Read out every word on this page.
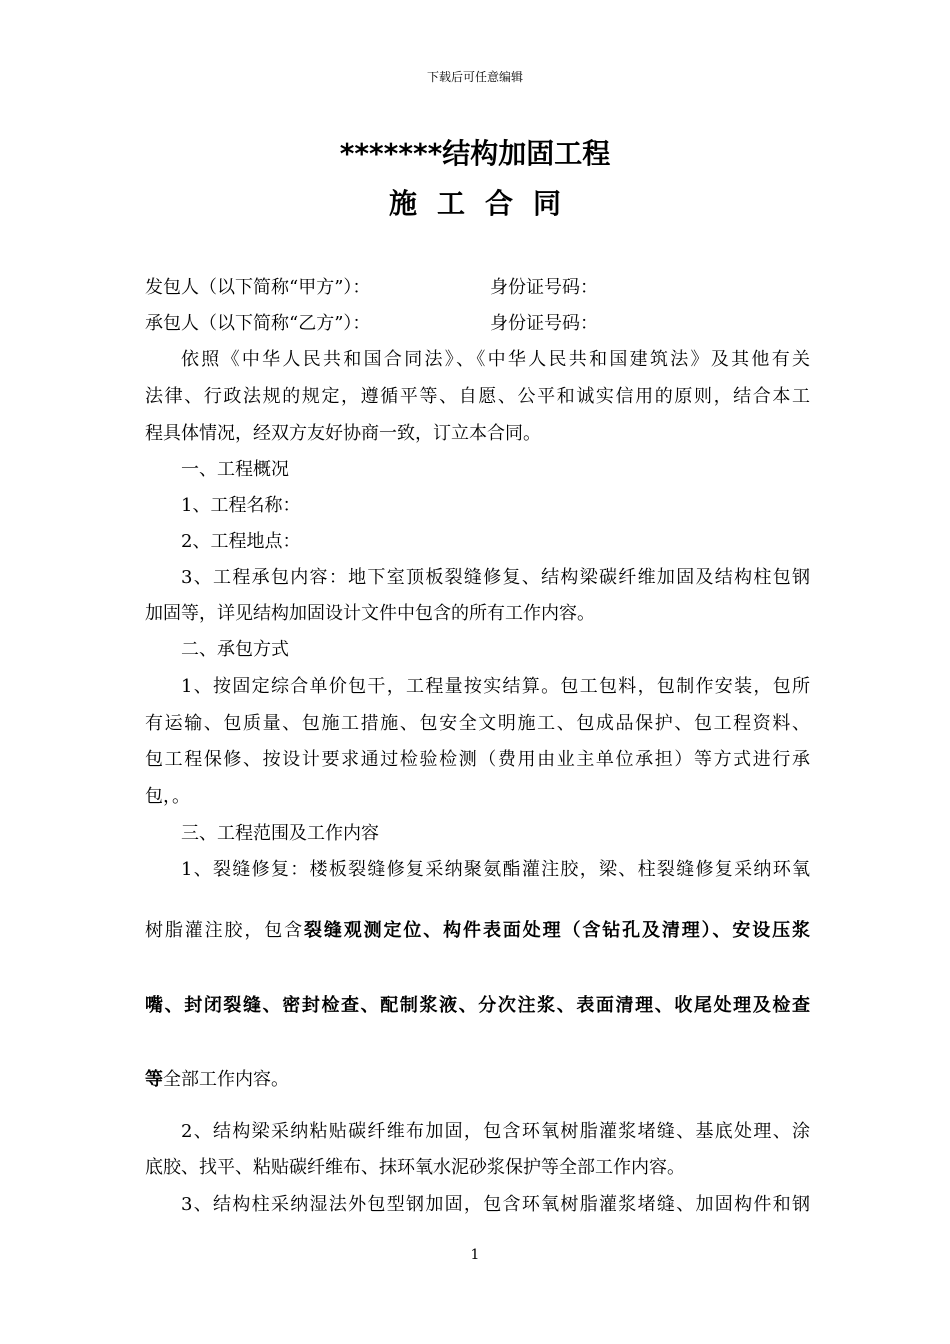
下载后可任意编辑
*******结构加固工程
施工合同
发包人（以下简称“甲方”）：	身份证号码：
承包人（以下简称“乙方”）：	身份证号码：
依照《中华人民共和国合同法》、《中华人民共和国建筑法》及其他有关
法律、行政法规的规定，遵循平等、自愿、公平和诚实信用的原则，结合本工
程具体情况，经双方友好协商一致，订立本合同。
一、工程概况
1、工程名称：
2、工程地点：
3、工程承包内容：地下室顶板裂缝修复、结构梁碳纤维加固及结构柱包钢
加固等，详见结构加固设计文件中包含的所有工作内容。
二、承包方式
1、按固定综合单价包干，工程量按实结算。包工包料，包制作安装，包所
有运输、包质量、包施工措施、包安全文明施工、包成品保护、包工程资料、
包工程保修、按设计要求通过检验检测（费用由业主单位承担）等方式进行承
包，。
三、工程范围及工作内容
1、裂缝修复：楼板裂缝修复采纳聚氨酯灌注胶，梁、柱裂缝修复采纳环氧
树脂灌注胶，包含裂缝观测定位、构件表面处理（含钻孔及清理）、安设压浆
嘴、封闭裂缝、密封检查、配制浆液、分次注浆、表面清理、收尾处理及检查
等全部工作内容。
2、结构梁采纳粘贴碳纤维布加固，包含环氧树脂灌浆堵缝、基底处理、涂
底胶、找平、粘贴碳纤维布、抹环氧水泥砂浆保护等全部工作内容。
3、结构柱采纳湿法外包型钢加固，包含环氧树脂灌浆堵缝、加固构件和钢
1
